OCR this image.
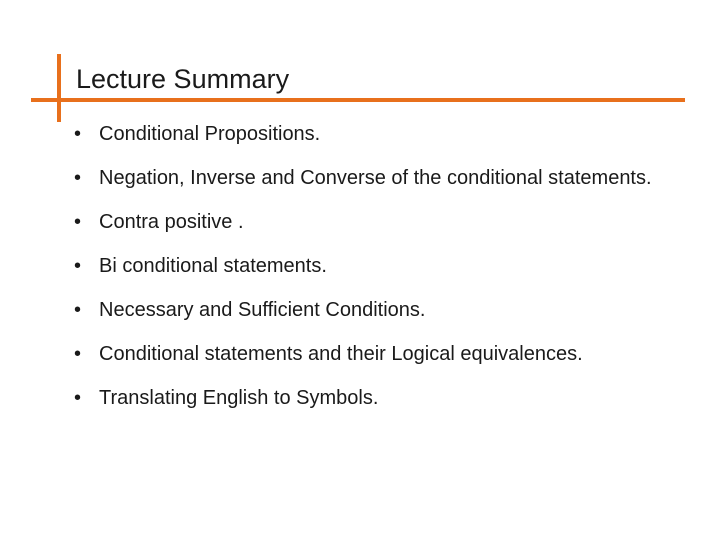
Lecture Summary
• Conditional Propositions.
• Negation, Inverse and Converse of the conditional statements.
• Contra positive .
• Bi conditional statements.
• Necessary and Sufficient Conditions.
• Conditional statements and their Logical equivalences.
• Translating English to Symbols.
